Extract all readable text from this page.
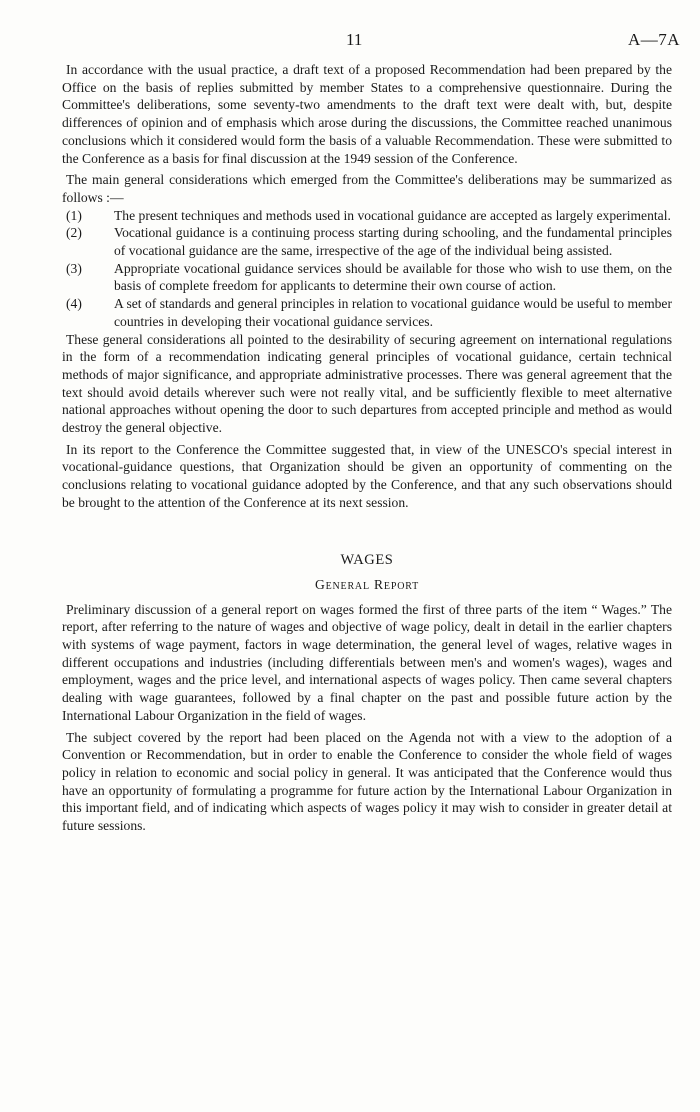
11	A—7A

In accordance with the usual practice, a draft text of a proposed Recommendation had been prepared by the Office on the basis of replies submitted by member States to a comprehensive questionnaire. During the Committee's deliberations, some seventy-two amendments to the draft text were dealt with, but, despite differences of opinion and of emphasis which arose during the discussions, the Committee reached unanimous conclusions which it considered would form the basis of a valuable Recommendation. These were submitted to the Conference as a basis for final discussion at the 1949 session of the Conference.

The main general considerations which emerged from the Committee's deliberations may be summarized as follows :—

(1) The present techniques and methods used in vocational guidance are accepted as largely experimental.
(2) Vocational guidance is a continuing process starting during schooling, and the fundamental principles of vocational guidance are the same, irrespective of the age of the individual being assisted.
(3) Appropriate vocational guidance services should be available for those who wish to use them, on the basis of complete freedom for applicants to determine their own course of action.
(4) A set of standards and general principles in relation to vocational guidance would be useful to member countries in developing their vocational guidance services.

These general considerations all pointed to the desirability of securing agreement on international regulations in the form of a recommendation indicating general principles of vocational guidance, certain technical methods of major significance, and appropriate administrative processes. There was general agreement that the text should avoid details wherever such were not really vital, and be sufficiently flexible to meet alternative national approaches without opening the door to such departures from accepted principle and method as would destroy the general objective.

In its report to the Conference the Committee suggested that, in view of the UNESCO's special interest in vocational-guidance questions, that Organization should be given an opportunity of commenting on the conclusions relating to vocational guidance adopted by the Conference, and that any such observations should be brought to the attention of the Conference at its next session.

WAGES
General Report

Preliminary discussion of a general report on wages formed the first of three parts of the item “ Wages.” The report, after referring to the nature of wages and objective of wage policy, dealt in detail in the earlier chapters with systems of wage payment, factors in wage determination, the general level of wages, relative wages in different occupations and industries (including differentials between men's and women's wages), wages and employment, wages and the price level, and international aspects of wages policy. Then came several chapters dealing with wage guarantees, followed by a final chapter on the past and possible future action by the International Labour Organization in the field of wages.

The subject covered by the report had been placed on the Agenda not with a view to the adoption of a Convention or Recommendation, but in order to enable the Conference to consider the whole field of wages policy in relation to economic and social policy in general. It was anticipated that the Conference would thus have an opportunity of formulating a programme for future action by the International Labour Organization in this important field, and of indicating which aspects of wages policy it may wish to consider in greater detail at future sessions.
